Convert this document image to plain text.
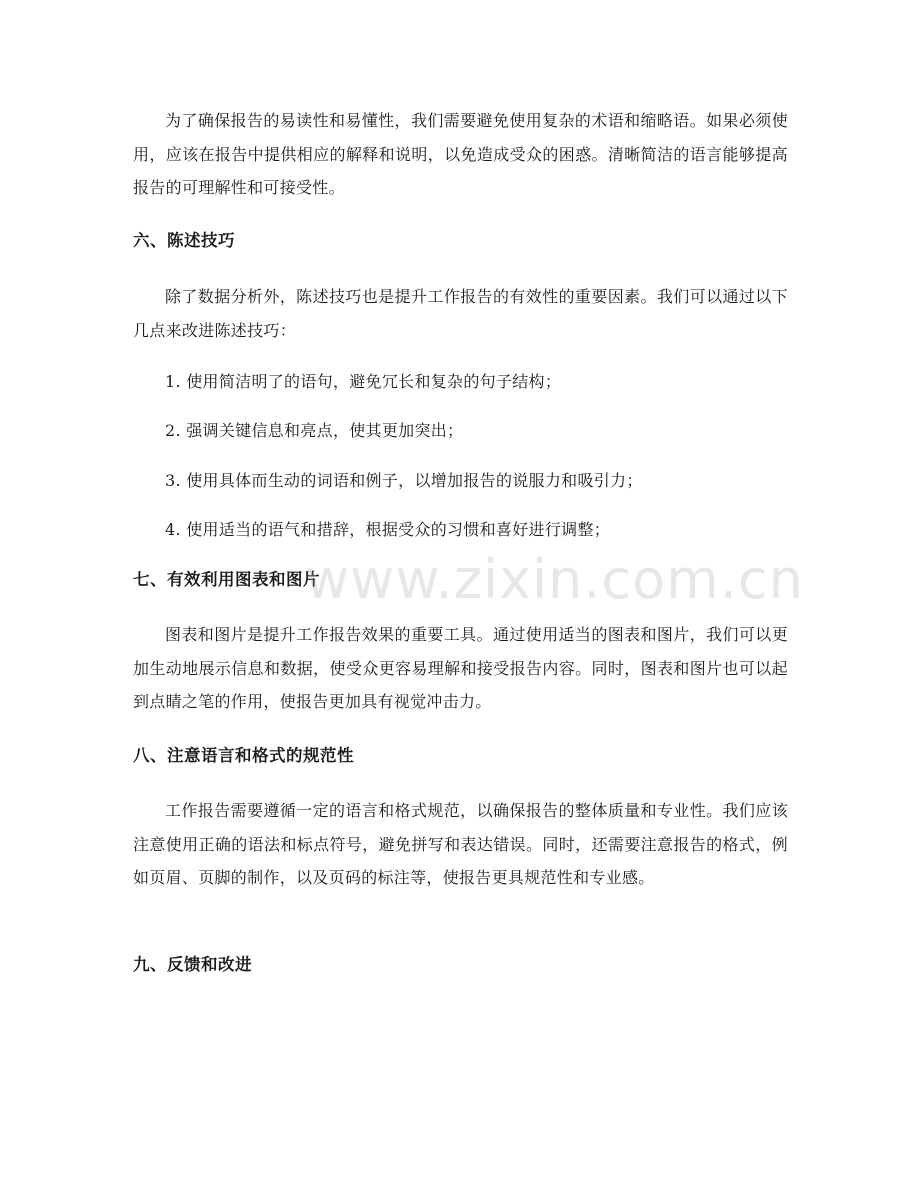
为了确保报告的易读性和易懂性，我们需要避免使用复杂的术语和缩略语。如果必须使用，应该在报告中提供相应的解释和说明，以免造成受众的困惑。清晰简洁的语言能够提高报告的可理解性和可接受性。

六、陈述技巧

除了数据分析外，陈述技巧也是提升工作报告的有效性的重要因素。我们可以通过以下几点来改进陈述技巧：

1. 使用简洁明了的语句，避免冗长和复杂的句子结构；

2. 强调关键信息和亮点，使其更加突出；

3. 使用具体而生动的词语和例子，以增加报告的说服力和吸引力；

4. 使用适当的语气和措辞，根据受众的习惯和喜好进行调整；

七、有效利用图表和图片

图表和图片是提升工作报告效果的重要工具。通过使用适当的图表和图片，我们可以更加生动地展示信息和数据，使受众更容易理解和接受报告内容。同时，图表和图片也可以起到点睛之笔的作用，使报告更加具有视觉冲击力。

八、注意语言和格式的规范性

工作报告需要遵循一定的语言和格式规范，以确保报告的整体质量和专业性。我们应该注意使用正确的语法和标点符号，避免拼写和表达错误。同时，还需要注意报告的格式，例如页眉、页脚的制作，以及页码的标注等，使报告更具规范性和专业感。

九、反馈和改进
www.zixin.com.cn
